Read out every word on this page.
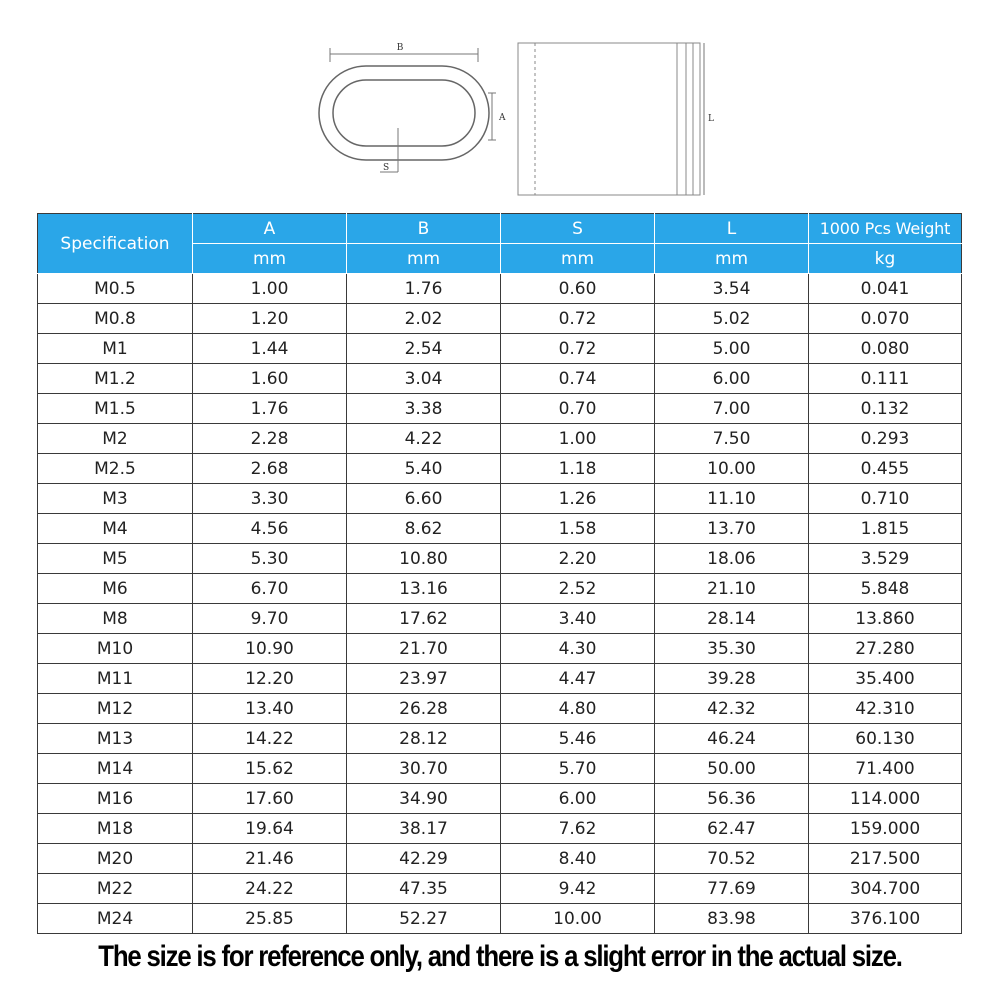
B
A
S
L
Specification	A	B	S	L	1000 Pcs Weight
	mm	mm	mm	mm	kg
M0.5	1.00	1.76	0.60	3.54	0.041
M0.8	1.20	2.02	0.72	5.02	0.070
M1	1.44	2.54	0.72	5.00	0.080
M1.2	1.60	3.04	0.74	6.00	0.111
M1.5	1.76	3.38	0.70	7.00	0.132
M2	2.28	4.22	1.00	7.50	0.293
M2.5	2.68	5.40	1.18	10.00	0.455
M3	3.30	6.60	1.26	11.10	0.710
M4	4.56	8.62	1.58	13.70	1.815
M5	5.30	10.80	2.20	18.06	3.529
M6	6.70	13.16	2.52	21.10	5.848
M8	9.70	17.62	3.40	28.14	13.860
M10	10.90	21.70	4.30	35.30	27.280
M11	12.20	23.97	4.47	39.28	35.400
M12	13.40	26.28	4.80	42.32	42.310
M13	14.22	28.12	5.46	46.24	60.130
M14	15.62	30.70	5.70	50.00	71.400
M16	17.60	34.90	6.00	56.36	114.000
M18	19.64	38.17	7.62	62.47	159.000
M20	21.46	42.29	8.40	70.52	217.500
M22	24.22	47.35	9.42	77.69	304.700
M24	25.85	52.27	10.00	83.98	376.100
The size is for reference only, and there is a slight error in the actual size.
